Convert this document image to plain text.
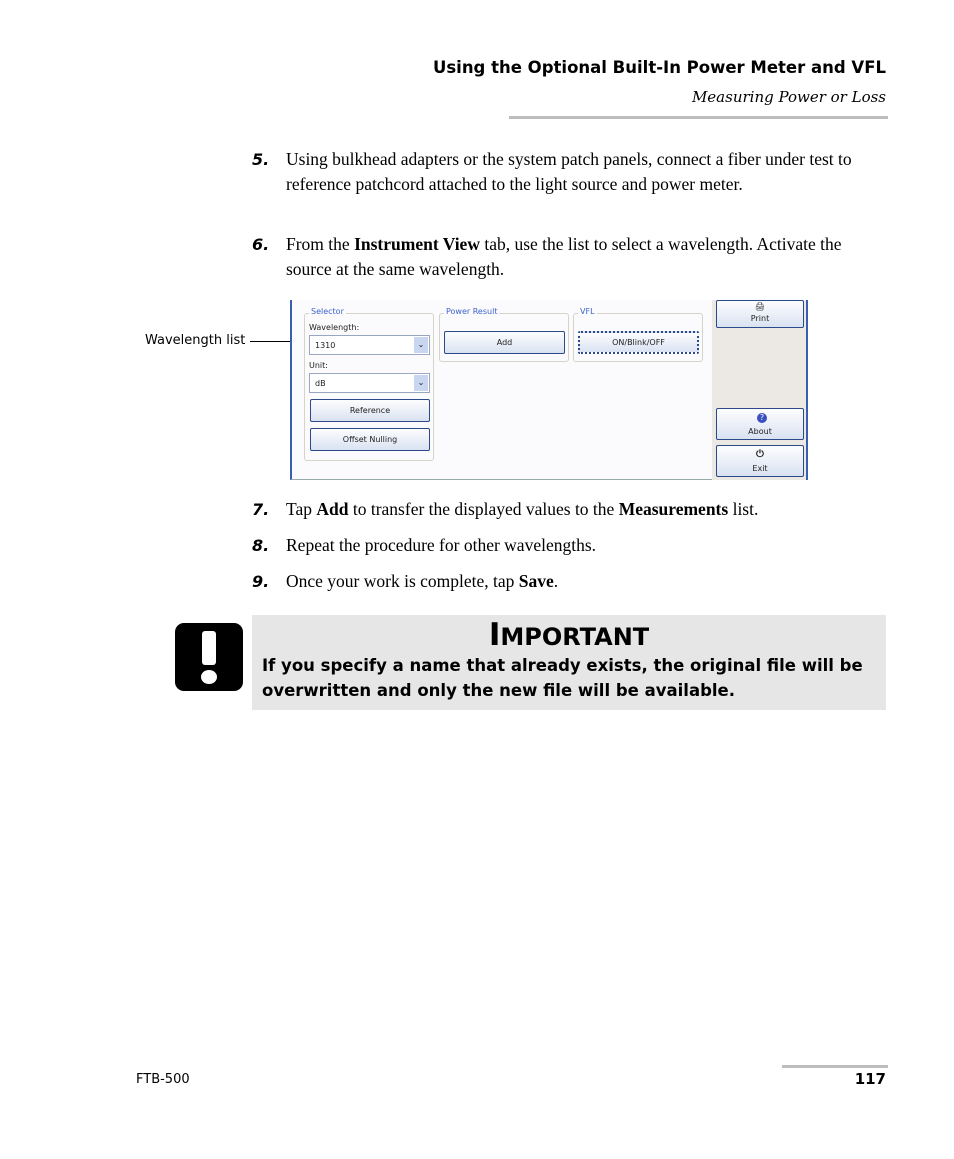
Using the Optional Built-In Power Meter and VFL
Measuring Power or Loss
5. Using bulkhead adapters or the system patch panels, connect a fiber under test to reference patchcord attached to the light source and power meter.
6. From the Instrument View tab, use the list to select a wavelength. Activate the source at the same wavelength.
Wavelength list
Selector
Wavelength:
1310	⌄
Unit:
dB	⌄
Reference
Offset Nulling
Power Result
Add
VFL
ON/Blink/OFF
🖨
Print
?
About
⏻
Exit
7. Tap Add to transfer the displayed values to the Measurements list.
8. Repeat the procedure for other wavelengths.
9. Once your work is complete, tap Save.
IMPORTANT
If you specify a name that already exists, the original file will be overwritten and only the new file will be available.
FTB-500	117
